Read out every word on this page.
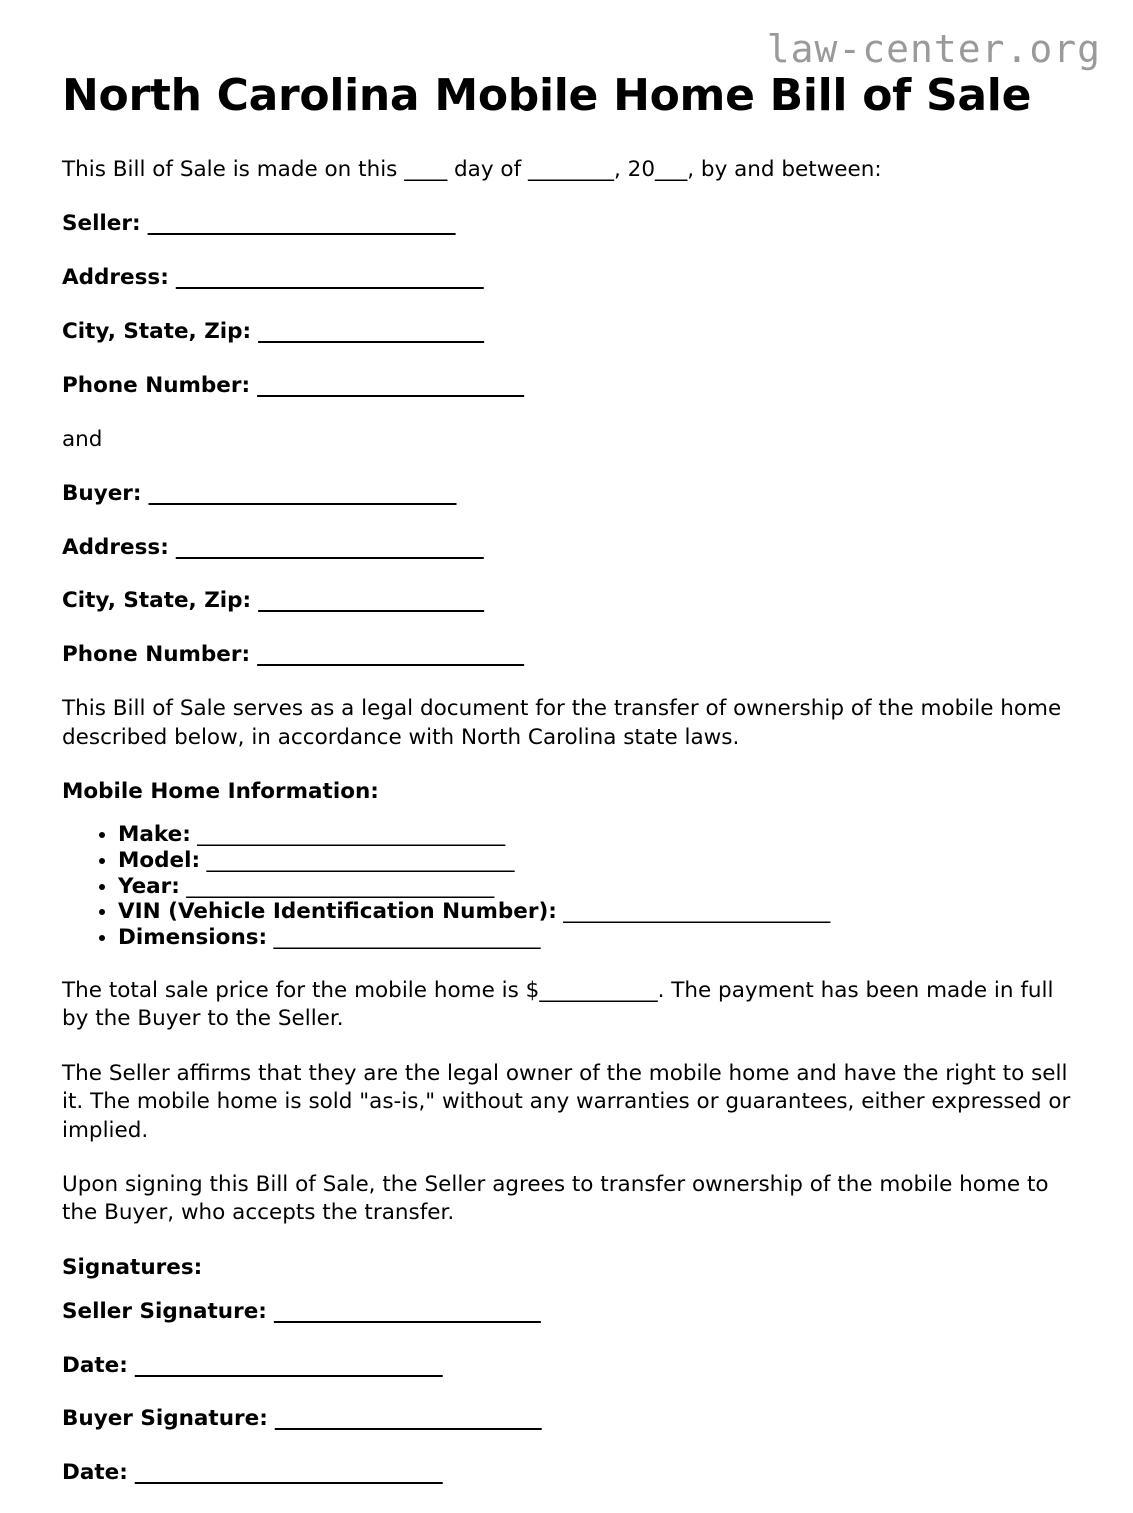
law-center.org
North Carolina Mobile Home Bill of Sale

This Bill of Sale is made on this ____ day of ________, 20___, by and between:

Seller: ______________________________

Address: ______________________________

City, State, Zip: ______________________

Phone Number: __________________________

and

Buyer: ______________________________

Address: ______________________________

City, State, Zip: ______________________

Phone Number: __________________________

This Bill of Sale serves as a legal document for the transfer of ownership of the mobile home described below, in accordance with North Carolina state laws.

Mobile Home Information:

• Make: ______________________________
• Model: ______________________________
• Year: ______________________________
• VIN (Vehicle Identification Number): __________________________
• Dimensions: __________________________

The total sale price for the mobile home is $___________. The payment has been made in full by the Buyer to the Seller.

The Seller affirms that they are the legal owner of the mobile home and have the right to sell it. The mobile home is sold "as-is," without any warranties or guarantees, either expressed or implied.

Upon signing this Bill of Sale, the Seller agrees to transfer ownership of the mobile home to the Buyer, who accepts the transfer.

Signatures:

Seller Signature: __________________________

Date: ______________________________

Buyer Signature: __________________________

Date: ______________________________
